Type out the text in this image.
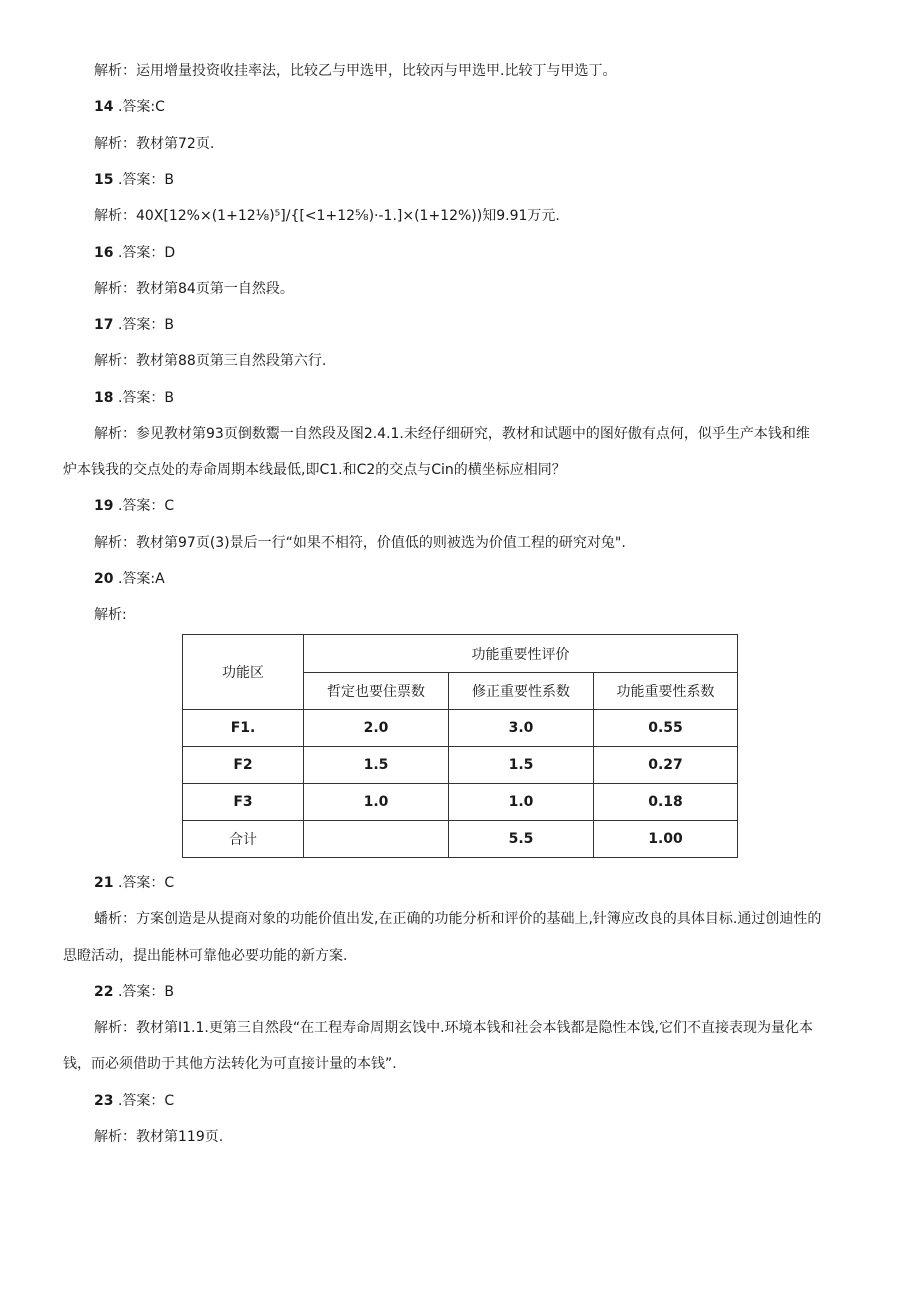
解析：运用增量投资收挂率法，比较乙与甲选甲，比较丙与甲选甲.比较丁与甲选丁。
14 .答案:C
解析：教材第72页.
15 .答案：B
解析：40X[12%×(1+12⅛)⁵]/{[<1+12⅝)·-1.]×(1+12%))知9.91万元.
16 .答案：D
解析：教材第84页第一自然段。
17 .答案：B
解析：教材第88页第三自然段第六行.
18 .答案：B
解析：参见教材第93页倒数鬻一自然段及图2.4.1.未经仔细研究，教材和试题中的图好傲有点何，似乎生产本钱和维
炉本钱我的交点处的寿命周期本线最低,即C1.和C2的交点与Cin的横坐标应相同？
19 .答案：C
解析：教材第97页(3)景后一行“如果不相符，价值低的则被选为价值工程的研究对兔".
20 .答案:A
解析:
功能区	功能重要性评价		
	哲定也要住票数	修正重要性系数	功能重要性系数
F1.	2.0	3.0	0.55
F2	1.5	1.5	0.27
F3	1.0	1.0	0.18
合计		5.5	1.00
21 .答案：C
蟠析：方案创造是从提商对象的功能价值出发,在正确的功能分析和评价的基础上,针簿应改良的具体目标.通过创迪性的
思瞪活动，提出能林可靠他必要功能的新方案.
22 .答案：B
解析：教材第I1.1.更第三自然段“在工程寿命周期玄饯中.环境本钱和社会本钱都是隐性本饯,它们不直接表现为量化本
钱，而必须借助于其他方法转化为可直接计量的本钱”.
23 .答案：C
解析：教材第119页.
